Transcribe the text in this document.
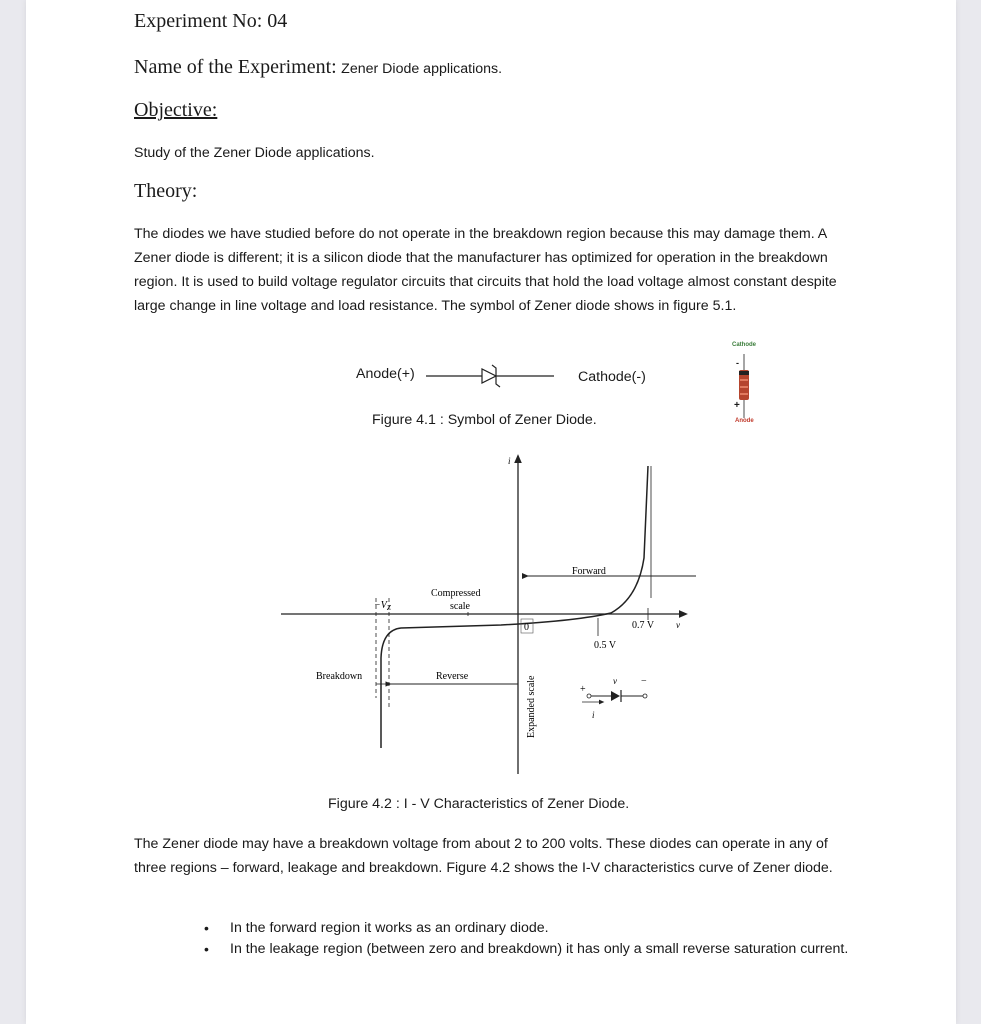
Experiment No: 04
Name of the Experiment: Zener Diode applications.
Objective:
Study of the Zener Diode applications.
Theory:
The diodes we have studied before do not operate in the breakdown region because this may damage them. A Zener diode is different; it is a silicon diode that the manufacturer has optimized for operation in the breakdown region. It is used to build voltage regulator circuits that circuits that hold the load voltage almost constant despite large change in line voltage and load resistance. The symbol of Zener diode shows in figure 5.1.
Anode(+)	Cathode(-)
Cathode
-
+
Anode
Figure 4.1 : Symbol of Zener Diode.
i
v
Forward
$-V_Z$
Compressed
scale
0
0.5 V
0.7 V
Breakdown	Reverse	Expanded scale	+
v −
i
Figure 4.2 : I - V Characteristics of Zener Diode.
The Zener diode may have a breakdown voltage from about 2 to 200 volts. These diodes can operate in any of three regions – forward, leakage and breakdown. Figure 4.2 shows the I-V characteristics curve of Zener diode.
• In the forward region it works as an ordinary diode.
• In the leakage region (between zero and breakdown) it has only a small reverse saturation current.
